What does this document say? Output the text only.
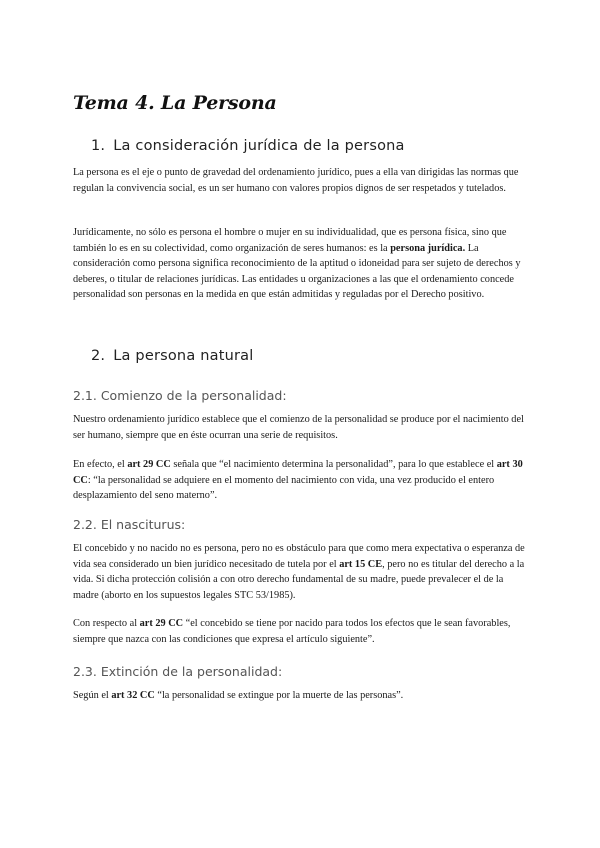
Tema 4. La Persona
1. La consideración jurídica de la persona

La persona es el eje o punto de gravedad del ordenamiento jurídico, pues a ella van dirigidas las normas que regulan la convivencia social, es un ser humano con valores propios dignos de ser respetados y tutelados.

Jurídicamente, no sólo es persona el hombre o mujer en su individualidad, que es persona física, sino que también lo es en su colectividad, como organización de seres humanos: es la persona jurídica. La consideración como persona significa reconocimiento de la aptitud o idoneidad para ser sujeto de derechos y deberes, o titular de relaciones jurídicas. Las entidades u organizaciones a las que el ordenamiento concede personalidad son personas en la medida en que están admitidas y reguladas por el Derecho positivo.

2. La persona natural
2.1. Comienzo de la personalidad:

Nuestro ordenamiento jurídico establece que el comienzo de la personalidad se produce por el nacimiento del ser humano, siempre que en éste ocurran una serie de requisitos.

En efecto, el art 29 CC señala que “el nacimiento determina la personalidad”, para lo que establece el art 30 CC: “la personalidad se adquiere en el momento del nacimiento con vida, una vez producido el entero desplazamiento del seno materno”.

2.2. El nasciturus:

El concebido y no nacido no es persona, pero no es obstáculo para que como mera expectativa o esperanza de vida sea considerado un bien jurídico necesitado de tutela por el art 15 CE, pero no es titular del derecho a la vida. Si dicha protección colisión a con otro derecho fundamental de su madre, puede prevalecer el de la madre (aborto en los supuestos legales STC 53/1985).

Con respecto al art 29 CC “el concebido se tiene por nacido para todos los efectos que le sean favorables, siempre que nazca con las condiciones que expresa el artículo siguiente”.

2.3. Extinción de la personalidad:

Según el art 32 CC “la personalidad se extingue por la muerte de las personas”.
